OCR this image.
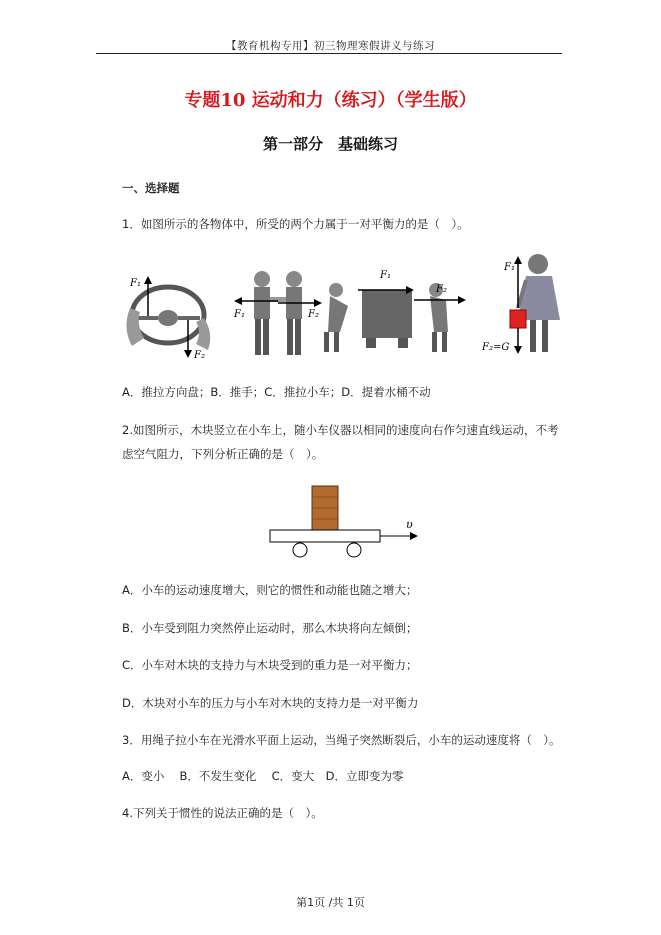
【教育机构专用】初三物理寒假讲义与练习
专题10 运动和力（练习）（学生版）
第一部分　基础练习
一、选择题
1．如图所示的各物体中，所受的两个力属于一对平衡力的是（　）。
F₁
F₂
F₁	F₂
F₁
F₂
F₁
F₂=G
A．推拉方向盘；B．推手；C．推拉小车；D．提着水桶不动
2.如图所示，木块竖立在小车上，随小车仪器以相同的速度向右作匀速直线运动，不考
虑空气阻力，下列分析正确的是（　）。
υ
A．小车的运动速度增大，则它的惯性和动能也随之增大；
B．小车受到阻力突然停止运动时，那么木块将向左倾倒；
C．小车对木块的支持力与木块受到的重力是一对平衡力；
D．木块对小车的压力与小车对木块的支持力是一对平衡力
3．用绳子拉小车在光滑水平面上运动，当绳子突然断裂后，小车的运动速度将（　）。
A．变小　 B．不发生变化　 C．变大　D．立即变为零
4.下列关于惯性的说法正确的是（　）。
第1页 /共 1页
